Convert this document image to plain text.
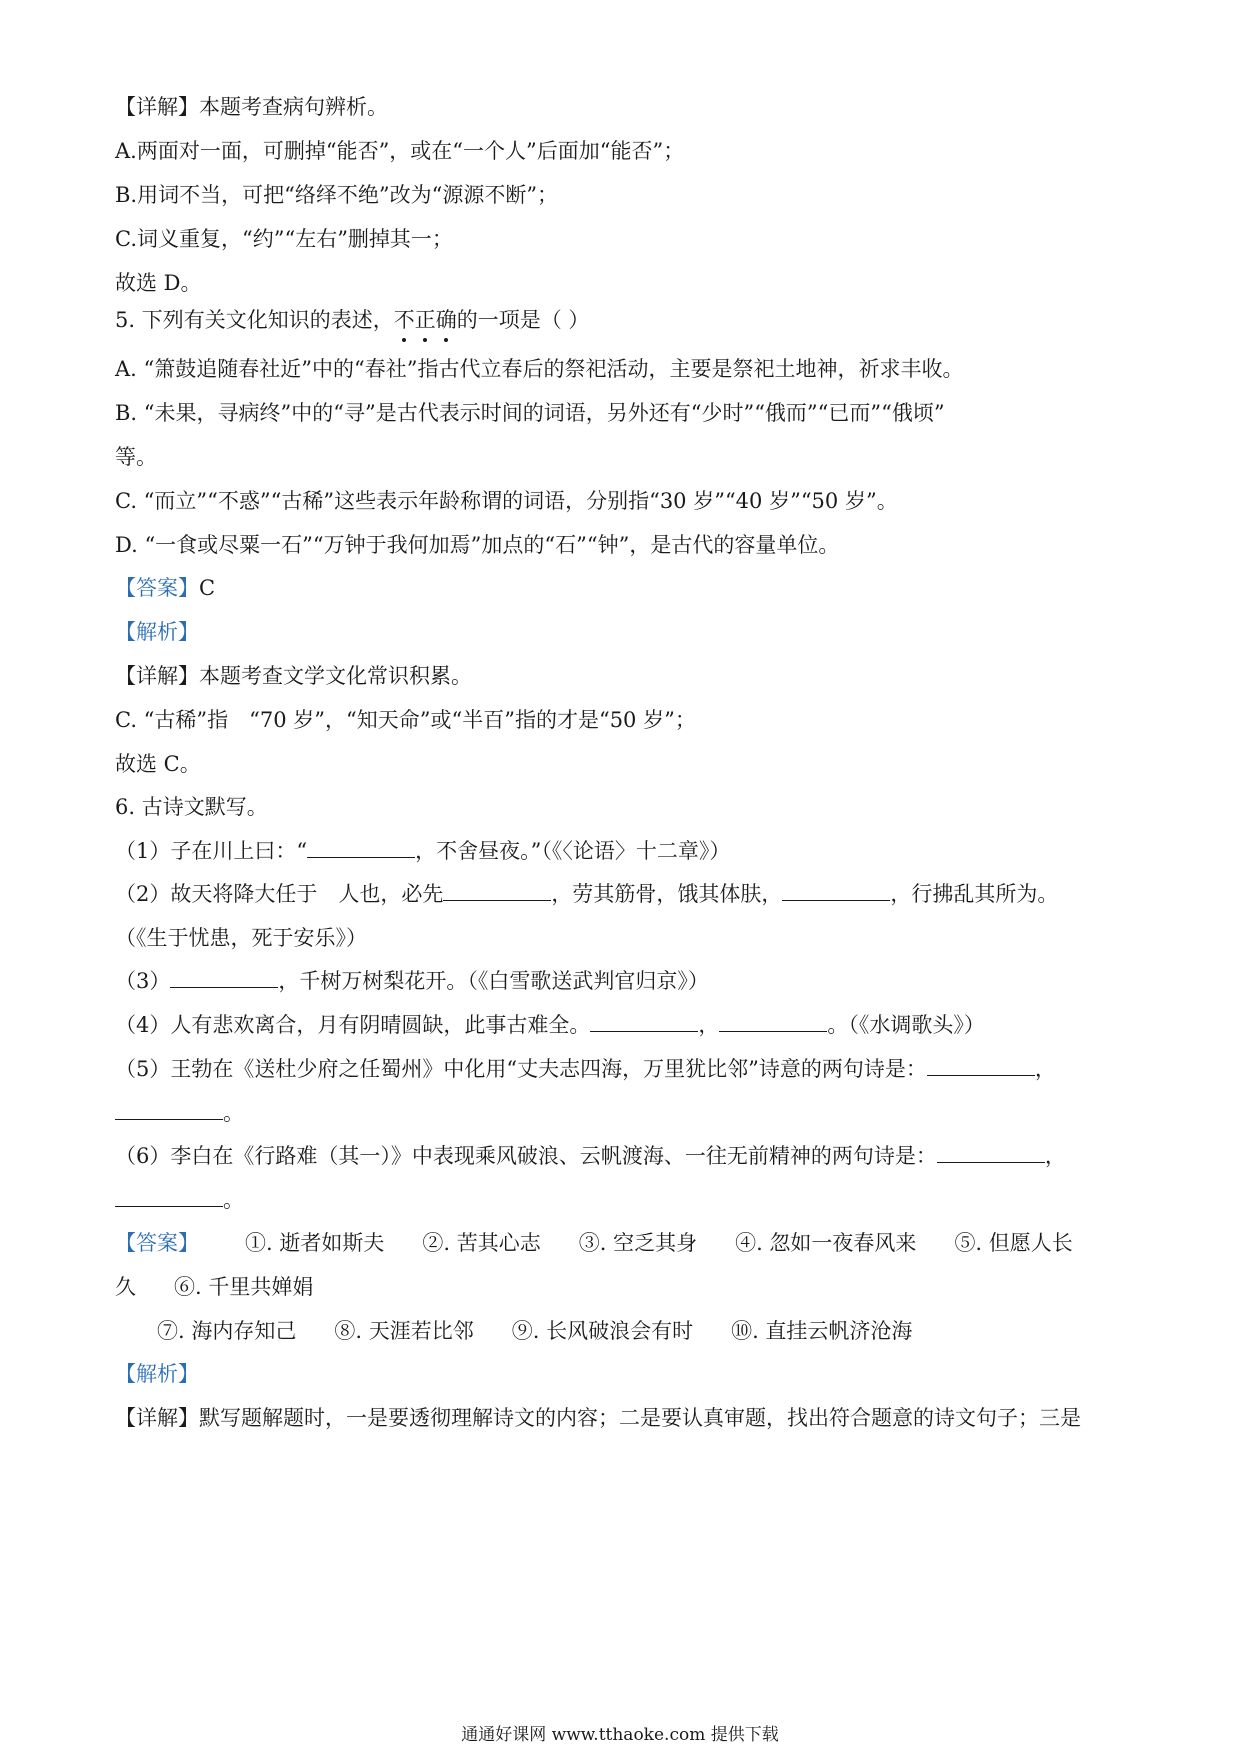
【详解】本题考查病句辨析。
A.两面对一面，可删掉“能否”，或在“一个人”后面加“能否”；
B.用词不当，可把“络绎不绝”改为“源源不断”；
C.词义重复，“约”“左右”删掉其一；
故选 D。
5. 下列有关文化知识的表述，不正确的一项是（ ）
A. “箫鼓追随春社近”中的“春社”指古代立春后的祭祀活动，主要是祭祀土地神，祈求丰收。
B. “未果，寻病终”中的“寻”是古代表示时间的词语，另外还有“少时”“俄而”“已而”“俄顷”
等。
C. “而立”“不惑”“古稀”这些表示年龄称谓的词语，分别指“30 岁”“40 岁”“50 岁”。
D. “一食或尽粟一石”“万钟于我何加焉”加点的“石”“钟”，是古代的容量单位。
【答案】C
【解析】
【详解】本题考查文学文化常识积累。
C. “古稀”指　“70 岁”，“知天命”或“半百”指的才是“50 岁”；
故选 C。
6. 古诗文默写。
（1）子在川上曰：“	，不舍昼夜。”（《〈论语〉十二章》）
（2）故天将降大任于　人也，必先	，劳其筋骨，饿其体肤，	，行拂乱其所为。
（《生于忧患，死于安乐》）
（3）	，千树万树梨花开。（《白雪歌送武判官归京》）
（4）人有悲欢离合，月有阴晴圆缺，此事古难全。	，	。（《水调歌头》）
（5）王勃在《送杜少府之任蜀州》中化用“丈夫志四海，万里犹比邻”诗意的两句诗是：	，
。
（6）李白在《行路难（其一）》中表现乘风破浪、云帆渡海、一往无前精神的两句诗是：	，
。
【答案】 ①. 逝者如斯夫 ②. 苦其心志 ③. 空乏其身 ④. 忽如一夜春风来 ⑤. 但愿人长
久 ⑥. 千里共婵娟
⑦. 海内存知己 ⑧. 天涯若比邻 ⑨. 长风破浪会有时 ⑩. 直挂云帆济沧海
【解析】
【详解】默写题解题时，一是要透彻理解诗文的内容；二是要认真审题，找出符合题意的诗文句子；三是
通通好课网 www.tthaoke.com 提供下载
